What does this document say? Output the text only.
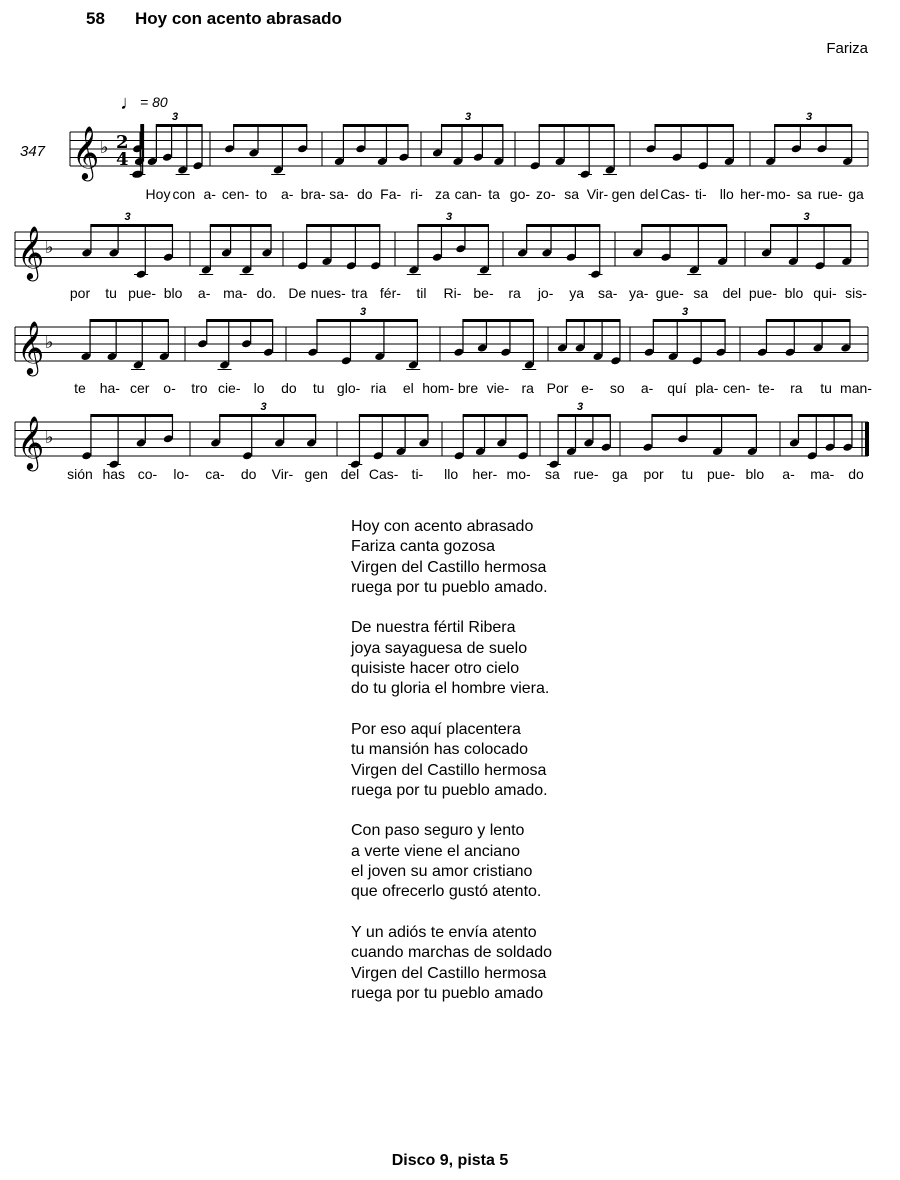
58 Hoy con acento abrasado
Fariza
♩= 80
347 𝄞 ♭ 2
4
3	3	3
𝄞 ♭
3	3	3
𝄞 ♭
3	3
𝄞 ♭
3	3
Hoy con a- cen- to a- bra- sa- do Fa- ri- za can- ta go- zo- sa Vir- gen del Cas- ti- llo her- mo- sa rue- ga
por tu pue- blo a- ma- do. De nues- tra fér- til Ri- be- ra jo- ya sa- ya- gue- sa del pue- blo qui- sis-
te ha- cer o- tro cie- lo do tu glo- ria el hom- bre vie- ra Por e- so a- quí pla- cen- te- ra tu man-
sión has co- lo- ca- do Vir- gen del Cas- ti- llo her- mo- sa rue- ga por tu pue- blo a- ma- do
Hoy con acento abrasado
Fariza canta gozosa
Virgen del Castillo hermosa
ruega por tu pueblo amado.
De nuestra fértil Ribera
joya sayaguesa de suelo
quisiste hacer otro cielo
do tu gloria el hombre viera.
Por eso aquí placentera
tu mansión has colocado
Virgen del Castillo hermosa
ruega por tu pueblo amado.
Con paso seguro y lento
a verte viene el anciano
el joven su amor cristiano
que ofrecerlo gustó atento.
Y un adiós te envía atento
cuando marchas de soldado
Virgen del Castillo hermosa
ruega por tu pueblo amado
Disco 9, pista 5
